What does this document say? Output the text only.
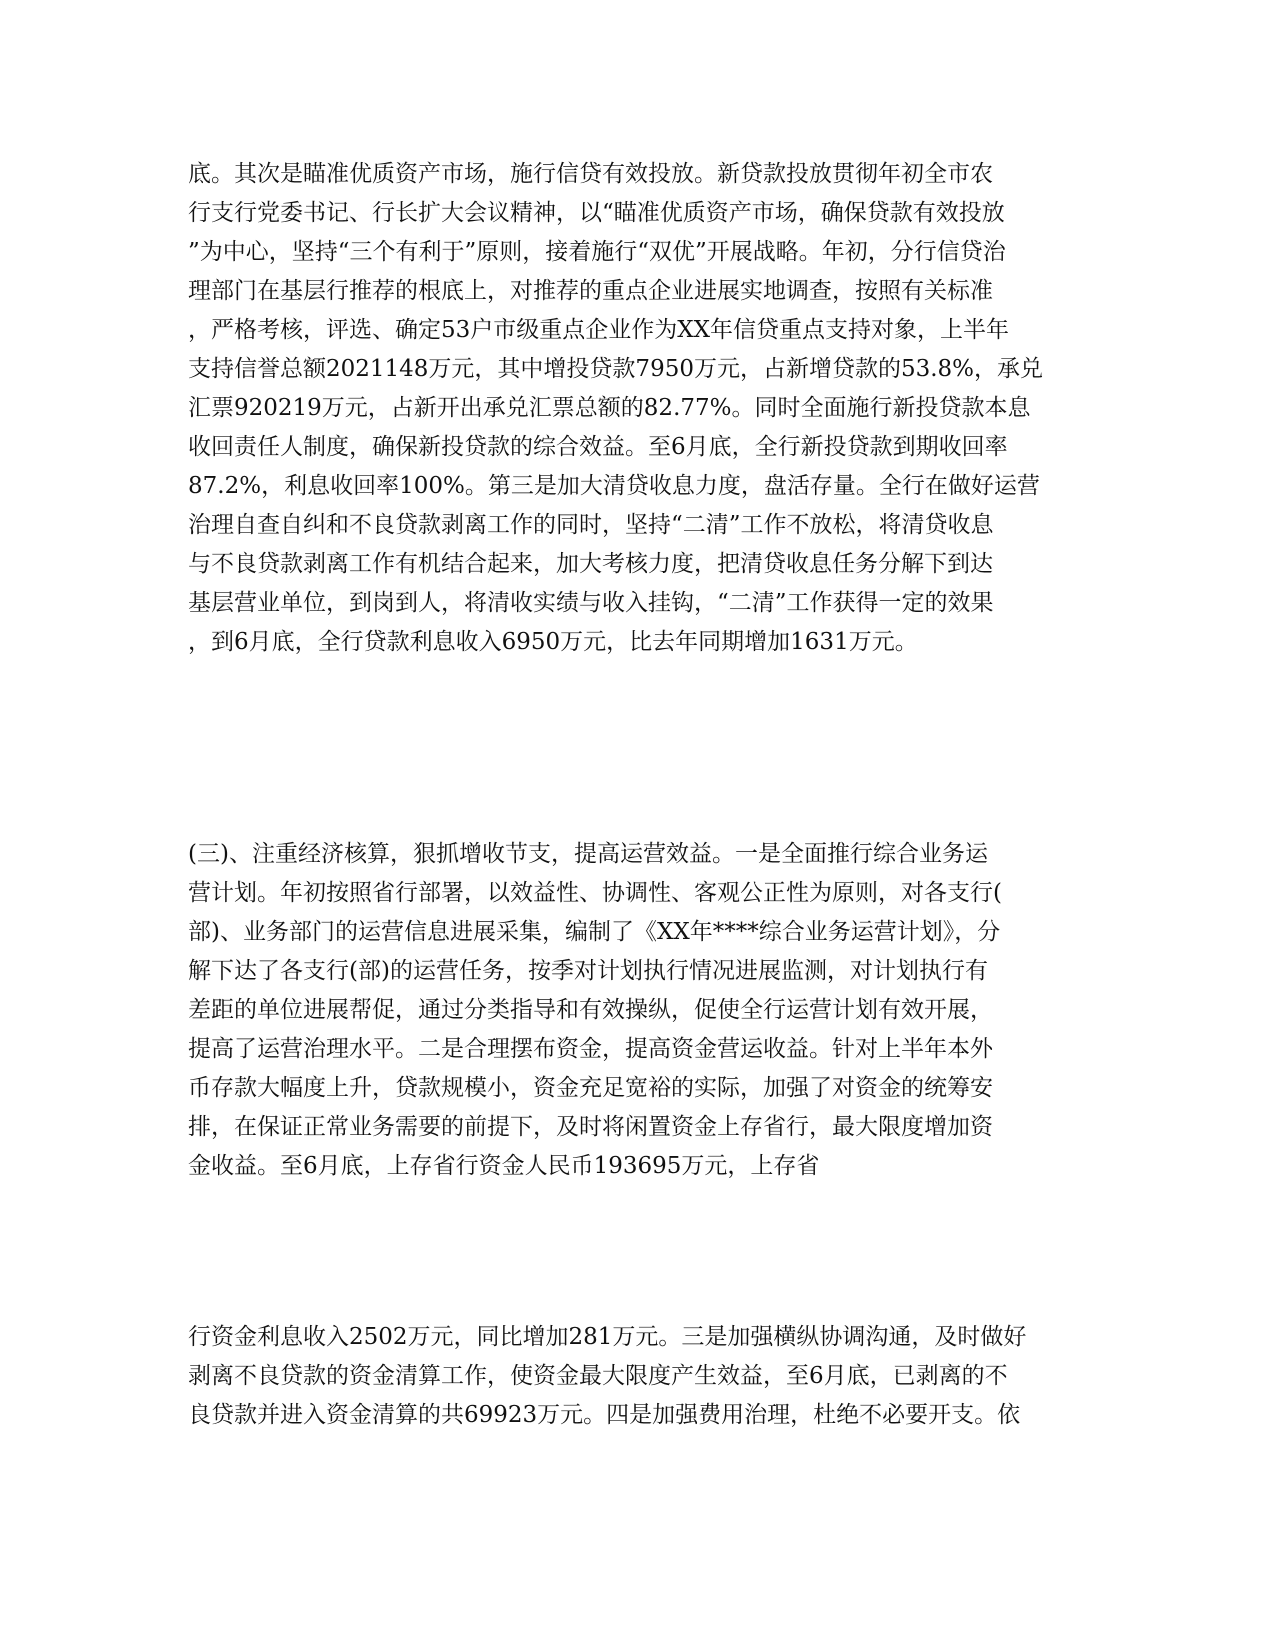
底。其次是瞄准优质资产市场，施行信贷有效投放。新贷款投放贯彻年初全市农
行支行党委书记、行长扩大会议精神，以“瞄准优质资产市场，确保贷款有效投放
”为中心，坚持“三个有利于”原则，接着施行“双优”开展战略。年初，分行信贷治
理部门在基层行推荐的根底上，对推荐的重点企业进展实地调查，按照有关标准
，严格考核，评选、确定53户市级重点企业作为XX年信贷重点支持对象，上半年
支持信誉总额2021148万元，其中增投贷款7950万元，占新增贷款的53.8%，承兑
汇票920219万元，占新开出承兑汇票总额的82.77%。同时全面施行新投贷款本息
收回责任人制度，确保新投贷款的综合效益。至6月底，全行新投贷款到期收回率
87.2%，利息收回率100%。第三是加大清贷收息力度，盘活存量。全行在做好运营
治理自查自纠和不良贷款剥离工作的同时，坚持“二清”工作不放松，将清贷收息
与不良贷款剥离工作有机结合起来，加大考核力度，把清贷收息任务分解下到达
基层营业单位，到岗到人，将清收实绩与收入挂钩，“二清”工作获得一定的效果
，到6月底，全行贷款利息收入6950万元，比去年同期增加1631万元。
(三)、注重经济核算，狠抓增收节支，提高运营效益。一是全面推行综合业务运
营计划。年初按照省行部署，以效益性、协调性、客观公正性为原则，对各支行(
部)、业务部门的运营信息进展采集，编制了《XX年****综合业务运营计划》，分
解下达了各支行(部)的运营任务，按季对计划执行情况进展监测，对计划执行有
差距的单位进展帮促，通过分类指导和有效操纵，促使全行运营计划有效开展，
提高了运营治理水平。二是合理摆布资金，提高资金营运收益。针对上半年本外
币存款大幅度上升，贷款规模小，资金充足宽裕的实际，加强了对资金的统筹安
排，在保证正常业务需要的前提下，及时将闲置资金上存省行，最大限度增加资
金收益。至6月底，上存省行资金人民币193695万元，上存省
行资金利息收入2502万元，同比增加281万元。三是加强横纵协调沟通，及时做好
剥离不良贷款的资金清算工作，使资金最大限度产生效益，至6月底，已剥离的不
良贷款并进入资金清算的共69923万元。四是加强费用治理，杜绝不必要开支。依
